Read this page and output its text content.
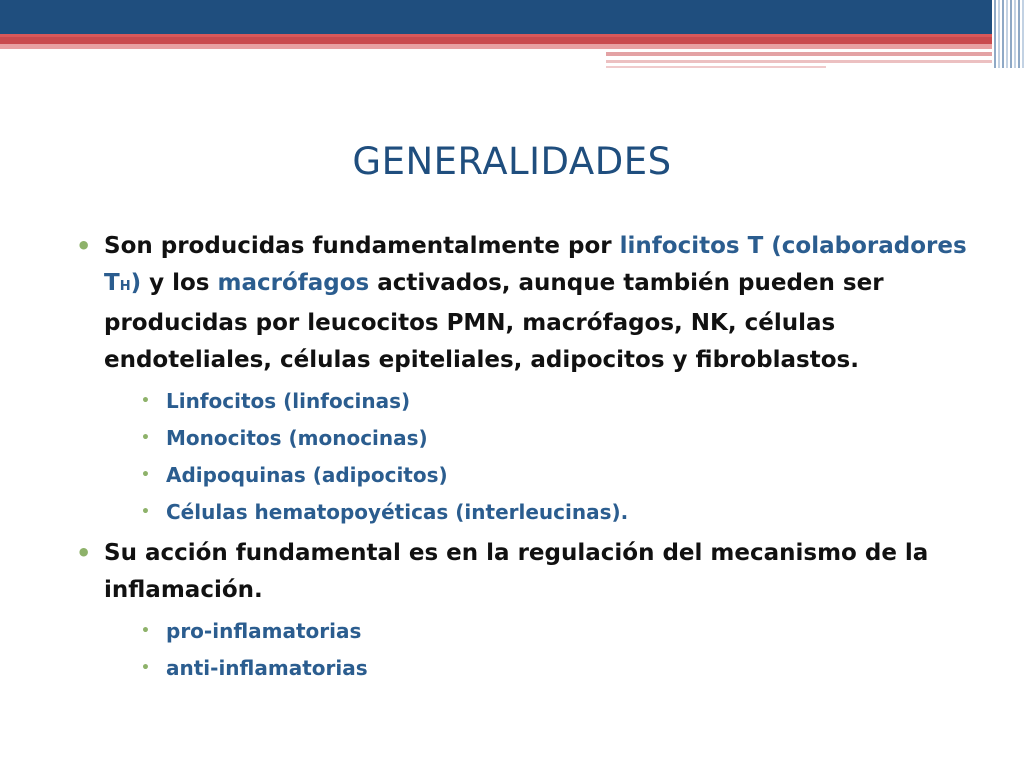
GENERALIDADES
• Son producidas fundamentalmente por linfocitos T (colaboradores TH) y los macrófagos activados, aunque también pueden ser producidas por leucocitos PMN, macrófagos, NK, células endoteliales, células epiteliales, adipocitos y fibroblastos.
• Linfocitos (linfocinas)
• Monocitos (monocinas)
• Adipoquinas (adipocitos)
• Células hematopoyéticas (interleucinas).
• Su acción fundamental es en la regulación del mecanismo de la inflamación.
• pro-inflamatorias
• anti-inflamatorias
